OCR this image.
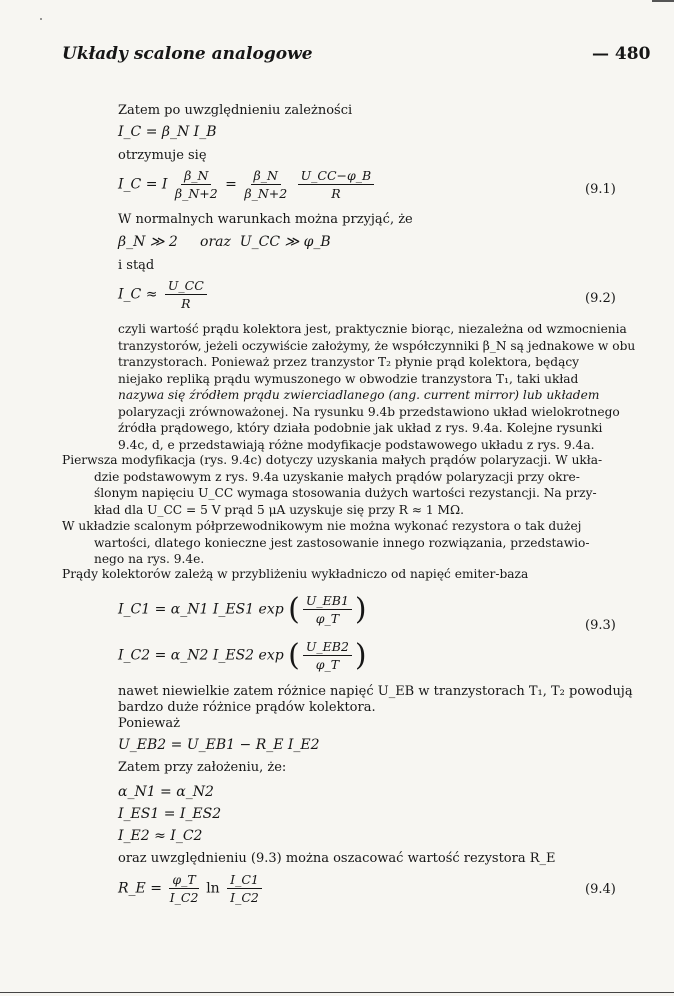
Układy scalone analogowe	— 480
Zatem po uwzględnieniu zależności
I_C = β_N I_B
otrzymuje się
I_C = I $\frac{\beta\_N}{\beta\_N+2} = \frac{\beta\_N}{\beta\_N+2}$
$\frac{U\_CC-\varphi\_B}{R}$	(9.1)
W normalnych warunkach można przyjąć, że
β_N ≫ 2     oraz  U_CC ≫ φ_B
i stąd
I_C ≈ $\frac{U\_CC}{R}$	(9.2)
czyli wartość prądu kolektora jest, praktycznie biorąc, niezależna od wzmocnienia
tranzystorów, jeżeli oczywiście założymy, że współczynniki β_N są jednakowe w obu
tranzystorach. Ponieważ przez tranzystor T₂ płynie prąd kolektora, będący
niejako repliką prądu wymuszonego w obwodzie tranzystora T₁, taki układ
nazywa się źródłem prądu zwierciadlanego (ang. current mirror) lub układem
polaryzacji zrównoważonej. Na rysunku 9.4b przedstawiono układ wielokrotnego
źródła prądowego, który działa podobnie jak układ z rys. 9.4a. Kolejne rysunki
9.4c, d, e przedstawiają różne modyfikacje podstawowego układu z rys. 9.4a.
Pierwsza modyfikacja (rys. 9.4c) dotyczy uzyskania małych prądów polaryzacji. W ukła-
dzie podstawowym z rys. 9.4a uzyskanie małych prądów polaryzacji przy okre-
ślonym napięciu U_CC wymaga stosowania dużych wartości rezystancji. Na przy-
kład dla U_CC = 5 V prąd 5 μA uzyskuje się przy R ≈ 1 MΩ.
W układzie scalonym półprzewodnikowym nie można wykonać rezystora o tak dużej
wartości, dlatego konieczne jest zastosowanie innego rozwiązania, przedstawio-
nego na rys. 9.4e.
Prądy kolektorów zależą w przybliżeniu wykładniczo od napięć emiter-baza
I_C1 = α_N1 I_ES1 exp ( $\frac{U\_EB1}{\varphi\_T}$ )	(9.3)
I_C2 = α_N2 I_ES2 exp ( $\frac{U\_EB2}{\varphi\_T}$ )
nawet niewielkie zatem różnice napięć U_EB w tranzystorach T₁, T₂ powodują
bardzo duże różnice prądów kolektora.
Ponieważ
U_EB2 = U_EB1 − R_E I_E2
Zatem przy założeniu, że:
α_N1 = α_N2
I_ES1 = I_ES2
I_E2 ≈ I_C2
oraz uwzględnieniu (9.3) można oszacować wartość rezystora R_E
R_E = $\frac{\varphi\_T}{I\_C2}$ $\ln \frac{I\_C1}{I\_C2}$	(9.4)
